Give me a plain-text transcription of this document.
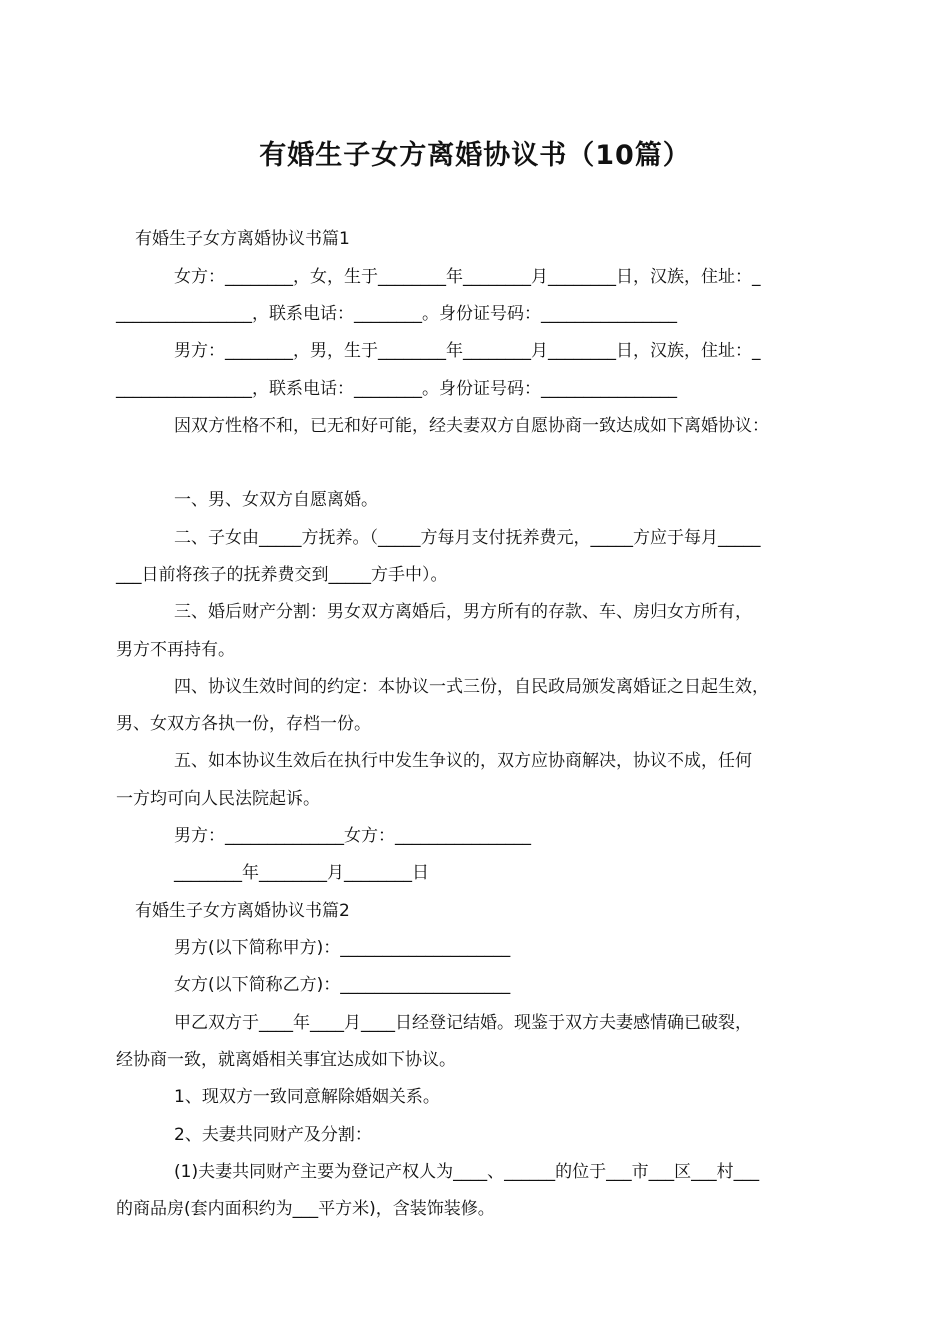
有婚生子女方离婚协议书（10篇）
有婚生子女方离婚协议书篇1
女方：________，女，生于________年________月________日，汉族，住址：_
________________，联系电话：________。身份证号码：________________
男方：________，男，生于________年________月________日，汉族，住址：_
________________，联系电话：________。身份证号码：________________
因双方性格不和，已无和好可能，经夫妻双方自愿协商一致达成如下离婚协议：
一、男、女双方自愿离婚。
二、子女由_____方抚养。（_____方每月支付抚养费元，_____方应于每月_____
___日前将孩子的抚养费交到_____方手中）。
三、婚后财产分割：男女双方离婚后，男方所有的存款、车、房归女方所有，
男方不再持有。
四、协议生效时间的约定：本协议一式三份，自民政局颁发离婚证之日起生效，
男、女双方各执一份，存档一份。
五、如本协议生效后在执行中发生争议的，双方应协商解决，协议不成，任何
一方均可向人民法院起诉。
男方：______________女方：________________
________年________月________日
有婚生子女方离婚协议书篇2
男方(以下简称甲方)：____________________
女方(以下简称乙方)：____________________
甲乙双方于____年____月____日经登记结婚。现鉴于双方夫妻感情确已破裂，
经协商一致，就离婚相关事宜达成如下协议。
1、现双方一致同意解除婚姻关系。
2、夫妻共同财产及分割：
(1)夫妻共同财产主要为登记产权人为____、______的位于___市___区___村___
的商品房(套内面积约为___平方米)，含装饰装修。
